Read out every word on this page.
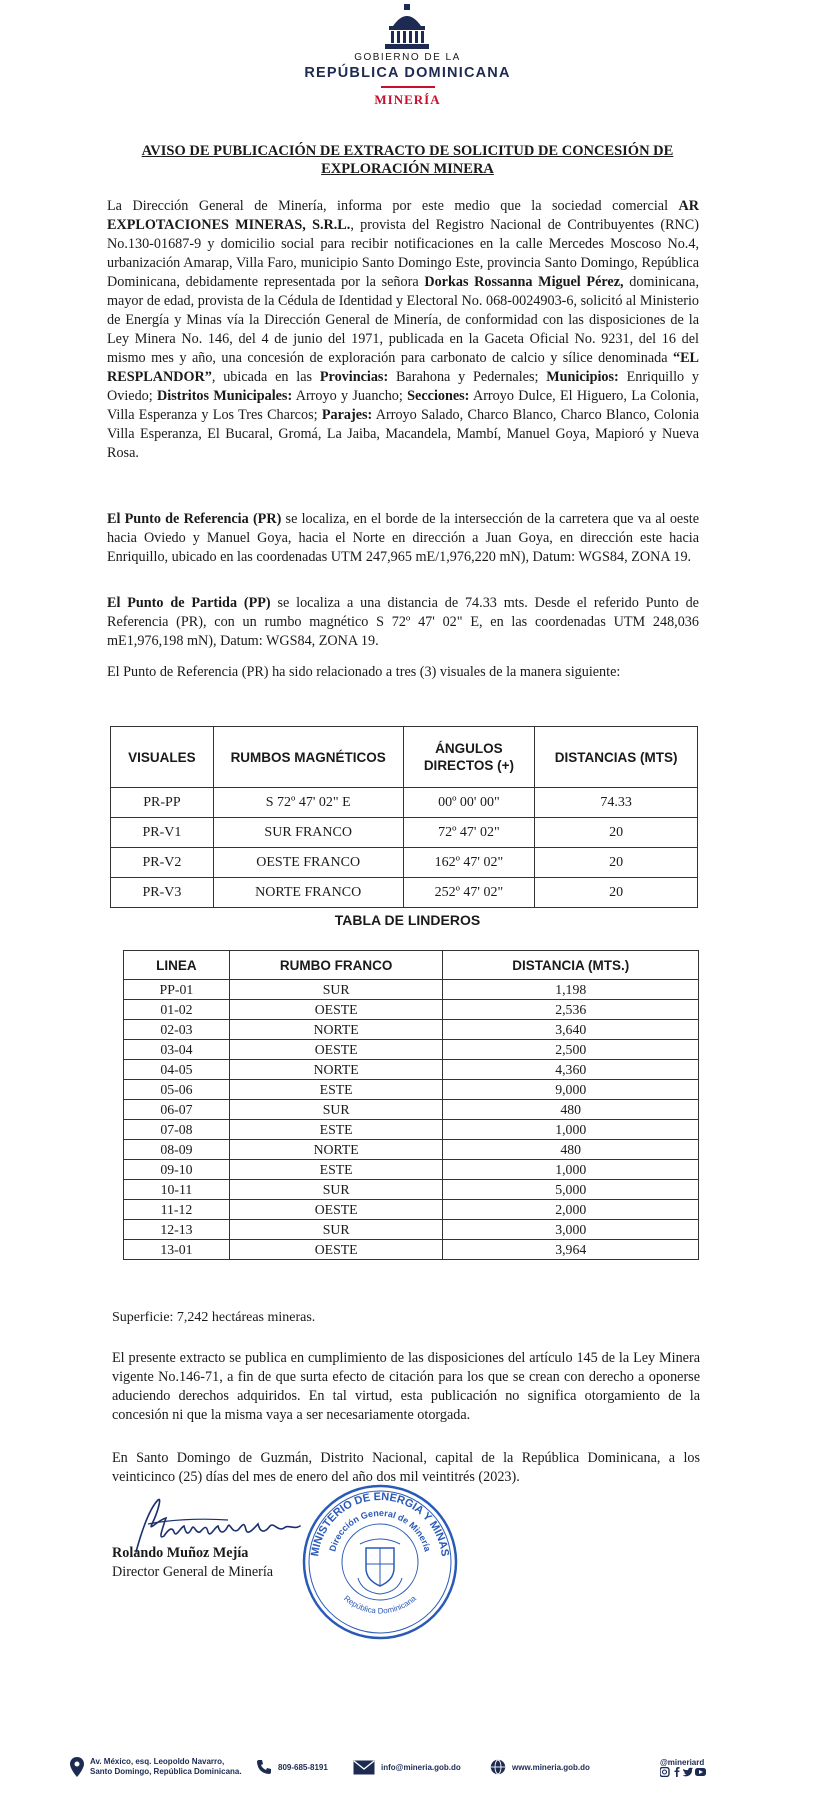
GOBIERNO DE LA
REPÚBLICA DOMINICANA
MINERÍA
AVISO DE PUBLICACIÓN DE EXTRACTO DE SOLICITUD DE CONCESIÓN DE EXPLORACIÓN MINERA

La Dirección General de Minería, informa por este medio que la sociedad comercial AR EXPLOTACIONES MINERAS, S.R.L., provista del Registro Nacional de Contribuyentes (RNC) No.130-01687-9 y domicilio social para recibir notificaciones en la calle Mercedes Moscoso No.4, urbanización Amarap, Villa Faro, municipio Santo Domingo Este, provincia Santo Domingo, República Dominicana, debidamente representada por la señora Dorkas Rossanna Miguel Pérez, dominicana, mayor de edad, provista de la Cédula de Identidad y Electoral No. 068-0024903-6, solicitó al Ministerio de Energía y Minas vía la Dirección General de Minería, de conformidad con las disposiciones de la Ley Minera No. 146, del 4 de junio del 1971, publicada en la Gaceta Oficial No. 9231, del 16 del mismo mes y año, una concesión de exploración para carbonato de calcio y sílice denominada “EL RESPLANDOR”, ubicada en las Provincias: Barahona y Pedernales; Municipios: Enriquillo y Oviedo; Distritos Municipales: Arroyo y Juancho; Secciones: Arroyo Dulce, El Higuero, La Colonia, Villa Esperanza y Los Tres Charcos; Parajes: Arroyo Salado, Charco Blanco, Charco Blanco, Colonia Villa Esperanza, El Bucaral, Gromá, La Jaiba, Macandela, Mambí, Manuel Goya, Mapioró y Nueva Rosa.

El Punto de Referencia (PR) se localiza, en el borde de la intersección de la carretera que va al oeste hacia Oviedo y Manuel Goya, hacia el Norte en dirección a Juan Goya, en dirección este hacia Enriquillo, ubicado en las coordenadas UTM 247,965 mE/1,976,220 mN), Datum: WGS84, ZONA 19.

El Punto de Partida (PP) se localiza a una distancia de 74.33 mts. Desde el referido Punto de Referencia (PR), con un rumbo magnético S 72º 47' 02" E, en las coordenadas UTM 248,036 mE1,976,198 mN), Datum: WGS84, ZONA 19.

El Punto de Referencia (PR) ha sido relacionado a tres (3) visuales de la manera siguiente:

VISUALES	RUMBOS MAGNÉTICOS	ÁNGULOS DIRECTOS (+)	DISTANCIAS (MTS)
PR-PP	S 72º 47' 02" E	00º 00' 00"	74.33
PR-V1	SUR FRANCO	72º 47' 02"	20
PR-V2	OESTE FRANCO	162º 47' 02"	20
PR-V3	NORTE FRANCO	252º 47' 02"	20
TABLA DE LINDEROS
LINEA	RUMBO FRANCO	DISTANCIA (MTS.)
PP-01	SUR	1,198
01-02	OESTE	2,536
02-03	NORTE	3,640
03-04	OESTE	2,500
04-05	NORTE	4,360
05-06	ESTE	9,000
06-07	SUR	480
07-08	ESTE	1,000
08-09	NORTE	480
09-10	ESTE	1,000
10-11	SUR	5,000
11-12	OESTE	2,000
12-13	SUR	3,000
13-01	OESTE	3,964
Superficie: 7,242 hectáreas mineras.

El presente extracto se publica en cumplimiento de las disposiciones del artículo 145 de la Ley Minera vigente No.146-71, a fin de que surta efecto de citación para los que se crean con derecho a oponerse aduciendo derechos adquiridos. En tal virtud, esta publicación no significa otorgamiento de la concesión ni que la misma vaya a ser necesariamente otorgada.

En Santo Domingo de Guzmán, Distrito Nacional, capital de la República Dominicana, a los veinticinco (25) días del mes de enero del año dos mil veintitrés (2023).

Rolando Muñoz Mejía
Director General de Minería
MINISTERIO DE ENERGÍA Y MINAS
Dirección General de Minería
República Dominicana
Av. México, esq. Leopoldo Navarro,
Santo Domingo, República Dominicana.	809-685-8191	info@mineria.gob.do	www.mineria.gob.do
@mineriard
